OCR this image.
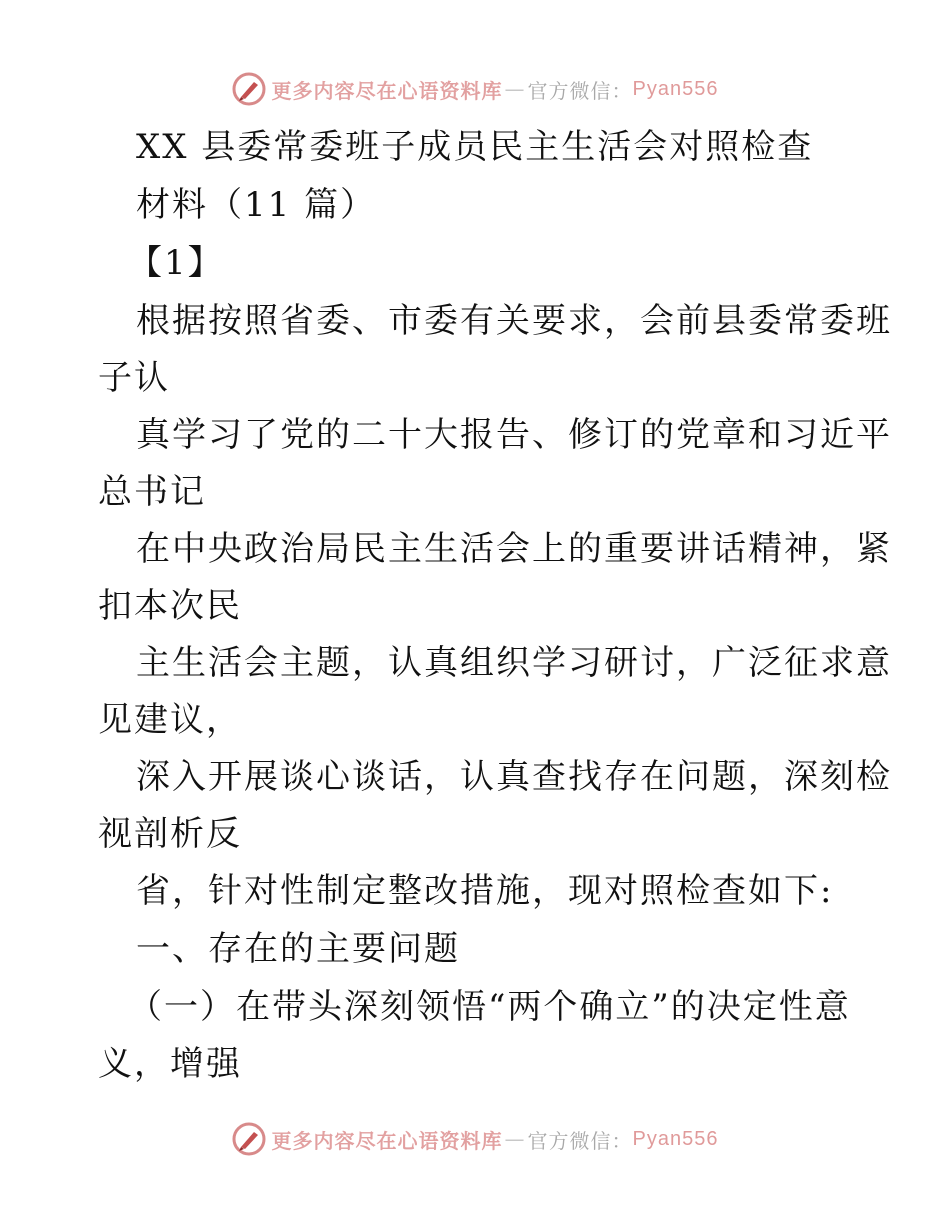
更多内容尽在心语资料库 — 官方微信： Pyan556
XX 县委常委班子成员民主生活会对照检查
材料（11 篇）
【1】
根据按照省委、市委有关要求，会前县委常委班
子认
真学习了党的二十大报告、修订的党章和习近平
总书记
在中央政治局民主生活会上的重要讲话精神，紧
扣本次民
主生活会主题，认真组织学习研讨，广泛征求意
见建议，
深入开展谈心谈话，认真查找存在问题，深刻检
视剖析反
省，针对性制定整改措施，现对照检查如下:
一、存在的主要问题
（一）在带头深刻领悟“两个确立”的决定性意
义，增强
更多内容尽在心语资料库 — 官方微信： Pyan556
